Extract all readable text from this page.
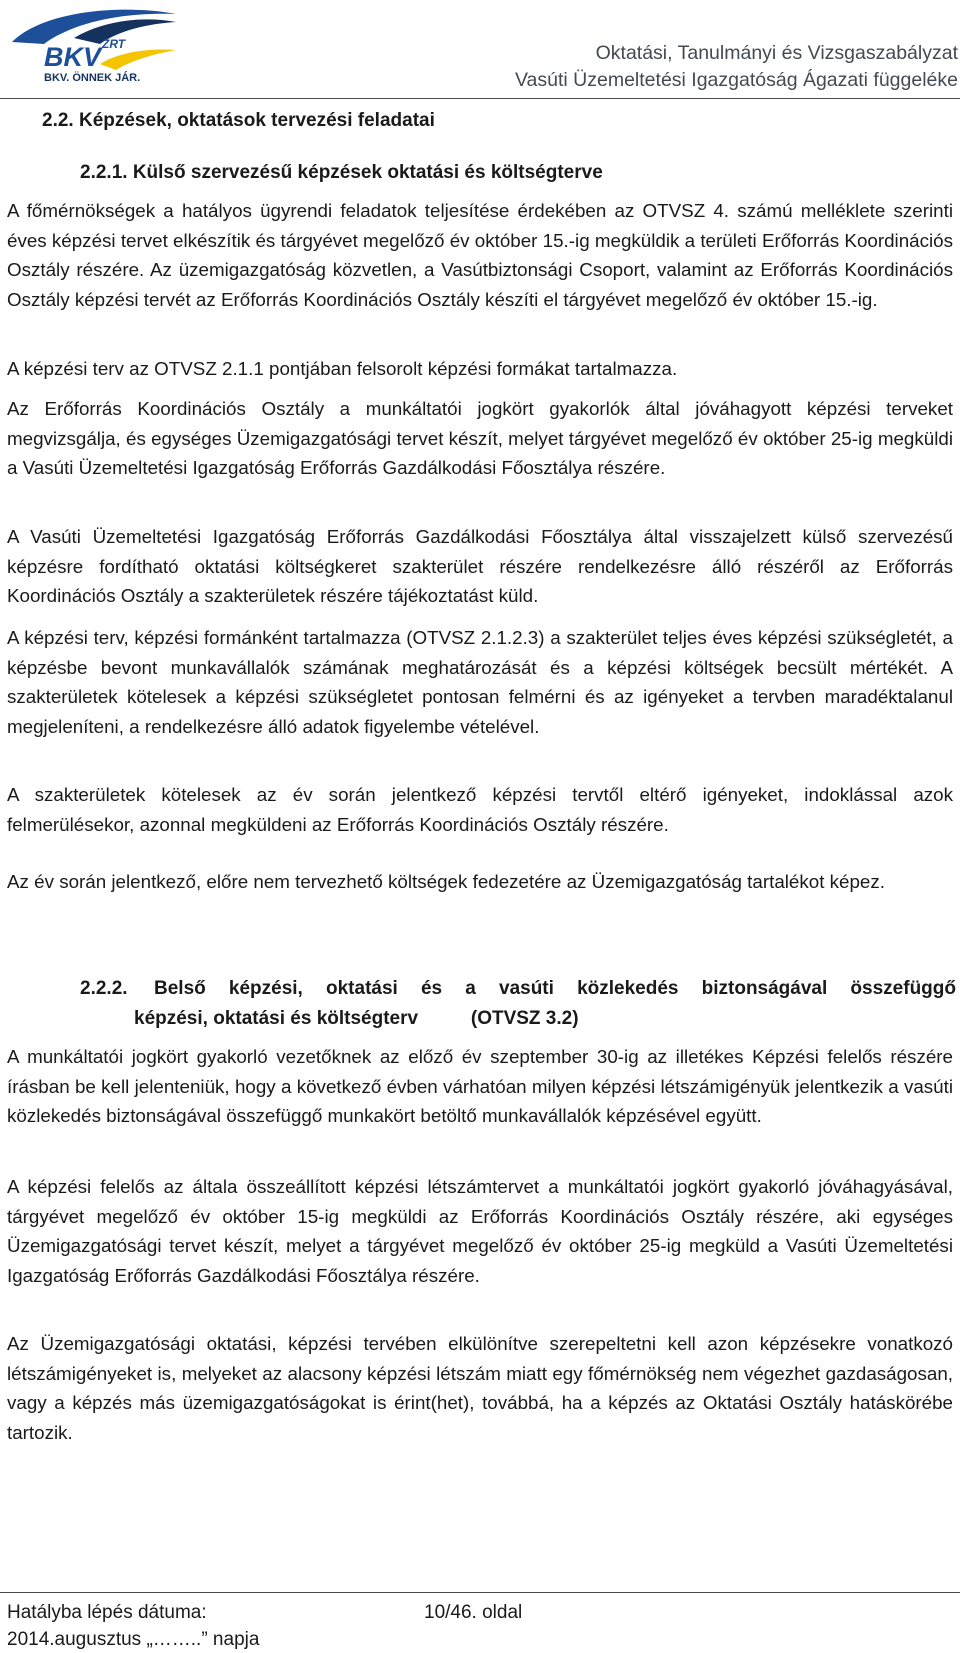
BKV ZRT
BKV. ÖNNEK JÁR.
Oktatási, Tanulmányi és Vizsgaszabályzat
Vasúti Üzemeltetési Igazgatóság Ágazati függeléke
2.2. Képzések, oktatások tervezési feladatai
2.2.1. Külső szervezésű képzések oktatási és költségterve

A főmérnökségek a hatályos ügyrendi feladatok teljesítése érdekében az OTVSZ 4. számú melléklete szerinti éves képzési tervet elkészítik és tárgyévet megelőző év október 15.-ig megküldik a területi Erőforrás Koordinációs Osztály részére. Az üzemigazgatóság közvetlen, a Vasútbiztonsági Csoport, valamint az Erőforrás Koordinációs Osztály képzési tervét az Erőforrás Koordinációs Osztály készíti el tárgyévet megelőző év október 15.-ig.

A képzési terv az OTVSZ 2.1.1 pontjában felsorolt képzési formákat tartalmazza.

Az Erőforrás Koordinációs Osztály a munkáltatói jogkört gyakorlók által jóváhagyott képzési terveket megvizsgálja, és egységes Üzemigazgatósági tervet készít, melyet tárgyévet megelőző év október 25-ig megküldi a Vasúti Üzemeltetési Igazgatóság Erőforrás Gazdálkodási Főosztálya részére.

A Vasúti Üzemeltetési Igazgatóság Erőforrás Gazdálkodási Főosztálya által visszajelzett külső szervezésű képzésre fordítható oktatási költségkeret szakterület részére rendelkezésre álló részéről az Erőforrás Koordinációs Osztály a szakterületek részére tájékoztatást küld.

A képzési terv, képzési formánként tartalmazza (OTVSZ 2.1.2.3) a szakterület teljes éves képzési szükségletét, a képzésbe bevont munkavállalók számának meghatározását és a képzési költségek becsült mértékét. A szakterületek kötelesek a képzési szükségletet pontosan felmérni és az igényeket a tervben maradéktalanul megjeleníteni, a rendelkezésre álló adatok figyelembe vételével.

A szakterületek kötelesek az év során jelentkező képzési tervtől eltérő igényeket, indoklással azok felmerülésekor, azonnal megküldeni az Erőforrás Koordinációs Osztály részére.

Az év során jelentkező, előre nem tervezhető költségek fedezetére az Üzemigazgatóság tartalékot képez.

2.2.2. Belső képzési, oktatási és a vasúti közlekedés biztonságával összefüggő
képzési, oktatási és költségterv          (OTVSZ 3.2)

A munkáltatói jogkört gyakorló vezetőknek az előző év szeptember 30-ig az illetékes Képzési felelős részére írásban be kell jelenteniük, hogy a következő évben várhatóan milyen képzési létszámigényük jelentkezik a vasúti közlekedés biztonságával összefüggő munkakört betöltő munkavállalók képzésével együtt.

A képzési felelős az általa összeállított képzési létszámtervet a munkáltatói jogkört gyakorló jóváhagyásával, tárgyévet megelőző év október 15-ig megküldi az Erőforrás Koordinációs Osztály részére, aki egységes Üzemigazgatósági tervet készít, melyet a tárgyévet megelőző év október 25-ig megküld a Vasúti Üzemeltetési Igazgatóság Erőforrás Gazdálkodási Főosztálya részére.

Az Üzemigazgatósági oktatási, képzési tervében elkülönítve szerepeltetni kell azon képzésekre vonatkozó létszámigényeket is, melyeket az alacsony képzési létszám miatt egy főmérnökség nem végezhet gazdaságosan, vagy a képzés más üzemigazgatóságokat is érint(het), továbbá, ha a képzés az Oktatási Osztály hatáskörébe tartozik.

Hatályba lépés dátuma:
2014.augusztus „……..” napja
10/46. oldal
